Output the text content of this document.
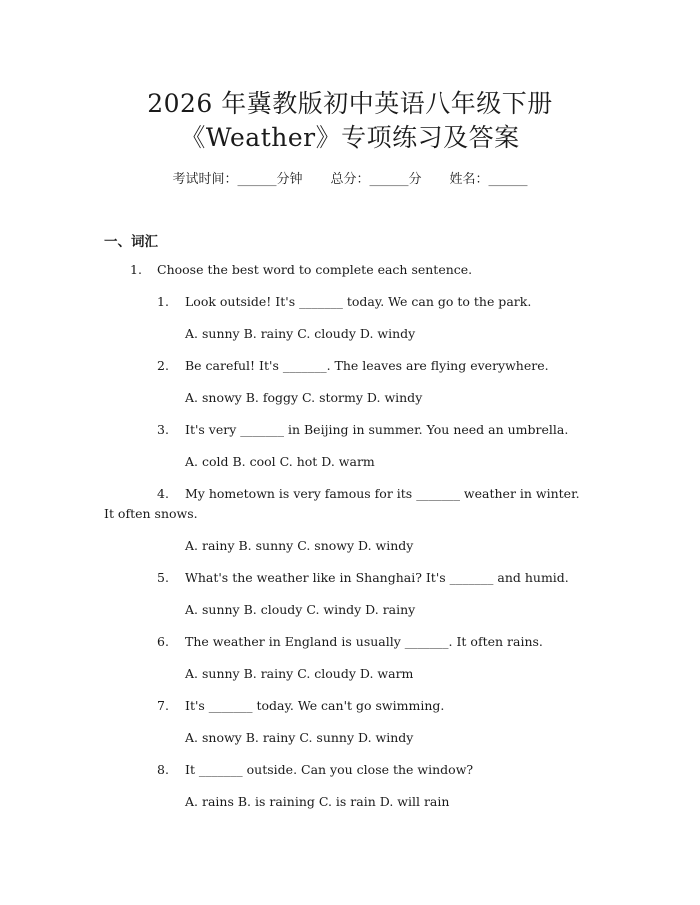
2026 年冀教版初中英语八年级下册
《Weather》专项练习及答案
考试时间：______分钟 总分：______分 姓名：______
一、词汇
1. Choose the best word to complete each sentence.
1. Look outside! It's _______ today. We can go to the park.
A. sunny B. rainy C. cloudy D. windy
2. Be careful! It's _______. The leaves are flying everywhere.
A. snowy B. foggy C. stormy D. windy
3. It's very _______ in Beijing in summer. You need an umbrella.
A. cold B. cool C. hot D. warm
4. My hometown is very famous for its _______ weather in winter.
It often snows.
A. rainy B. sunny C. snowy D. windy
5. What's the weather like in Shanghai? It's _______ and humid.
A. sunny B. cloudy C. windy D. rainy
6. The weather in England is usually _______. It often rains.
A. sunny B. rainy C. cloudy D. warm
7. It's _______ today. We can't go swimming.
A. snowy B. rainy C. sunny D. windy
8. It _______ outside. Can you close the window?
A. rains B. is raining C. is rain D. will rain
